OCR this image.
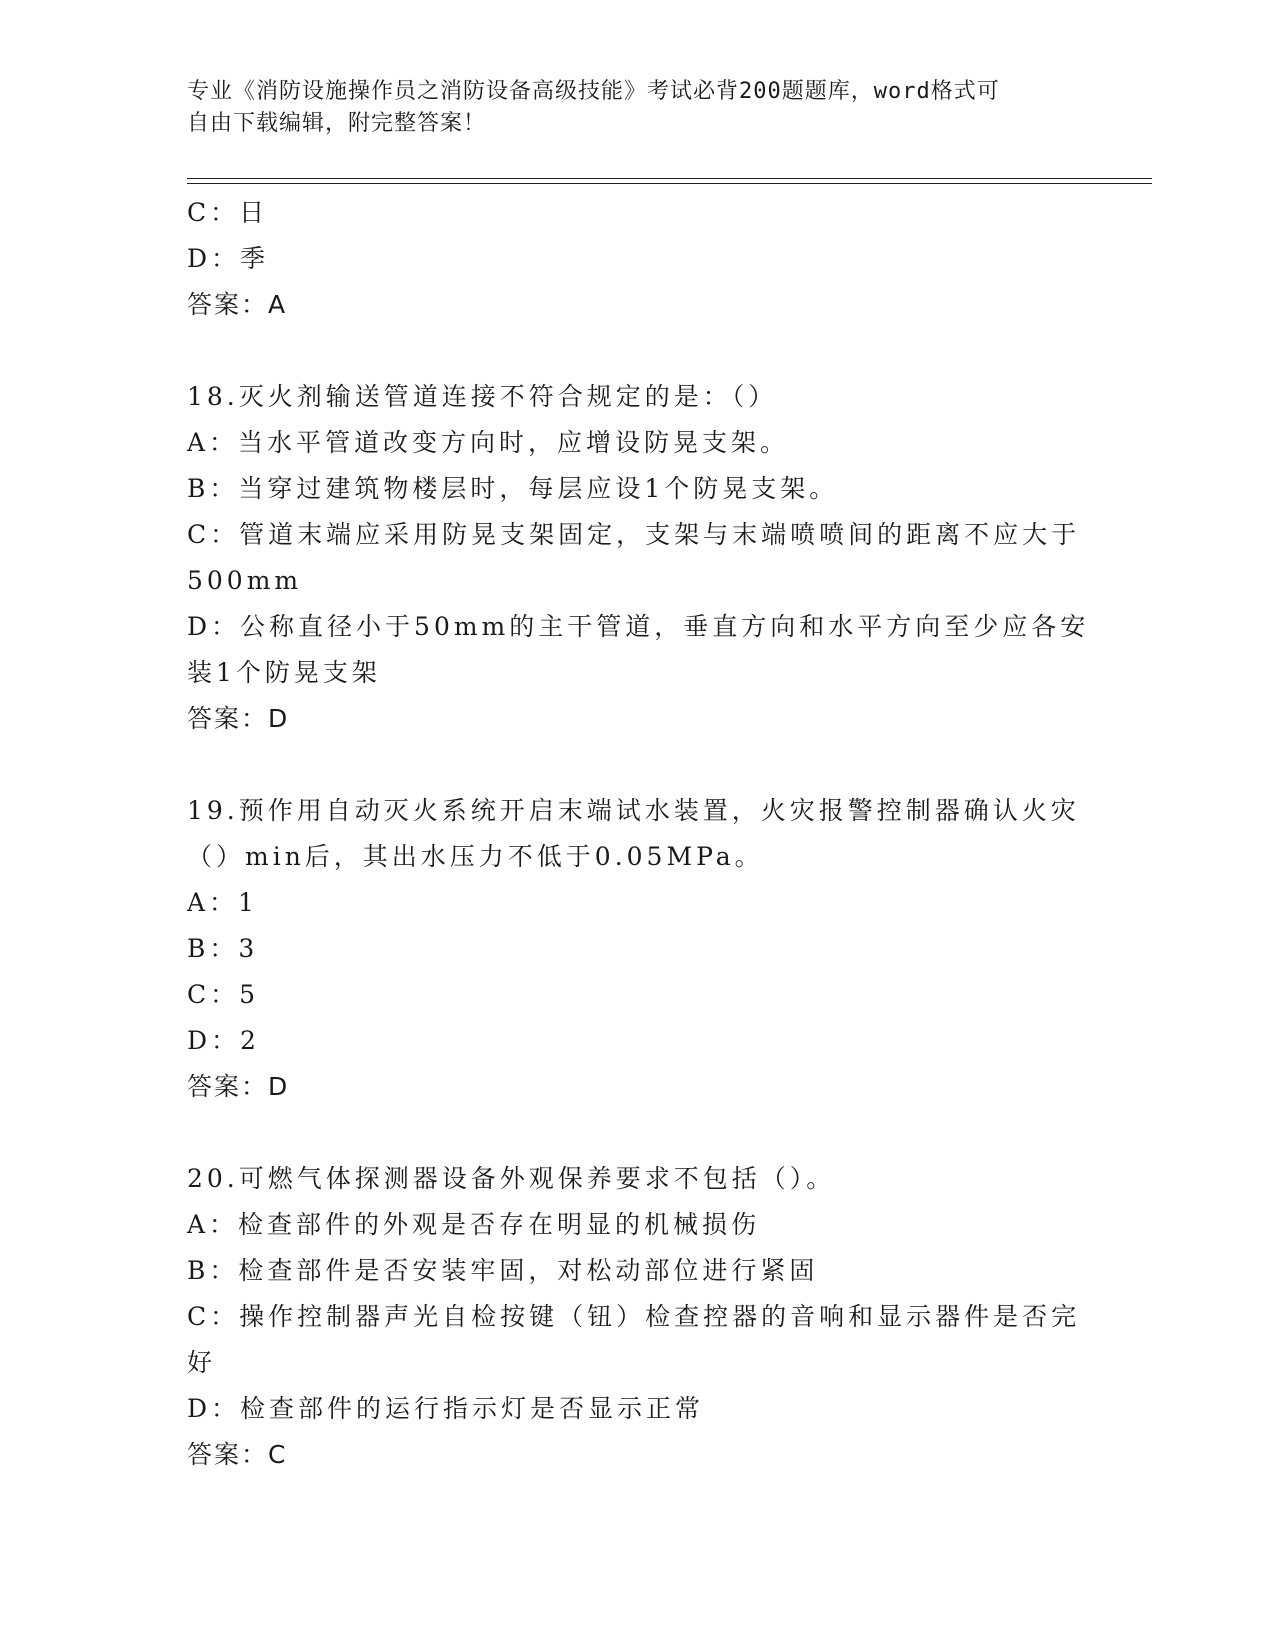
专业《消防设施操作员之消防设备高级技能》考试必背200题题库，word格式可
自由下载编辑，附完整答案！
C：日
D：季
答案：A
18.灭火剂输送管道连接不符合规定的是：（）
A：当水平管道改变方向时，应增设防晃支架。
B：当穿过建筑物楼层时，每层应设1个防晃支架。
C：管道末端应采用防晃支架固定，支架与末端喷喷间的距离不应大于
500mm
D：公称直径小于50mm的主干管道，垂直方向和水平方向至少应各安
装1个防晃支架
答案：D
19.预作用自动灭火系统开启末端试水装置，火灾报警控制器确认火灾
（）min后，其出水压力不低于0.05MPa。
A：1
B：3
C：5
D：2
答案：D
20.可燃气体探测器设备外观保养要求不包括（）。
A：检查部件的外观是否存在明显的机械损伤
B：检查部件是否安装牢固，对松动部位进行紧固
C：操作控制器声光自检按键（钮）检查控器的音响和显示器件是否完
好
D：检查部件的运行指示灯是否显示正常
答案：C
